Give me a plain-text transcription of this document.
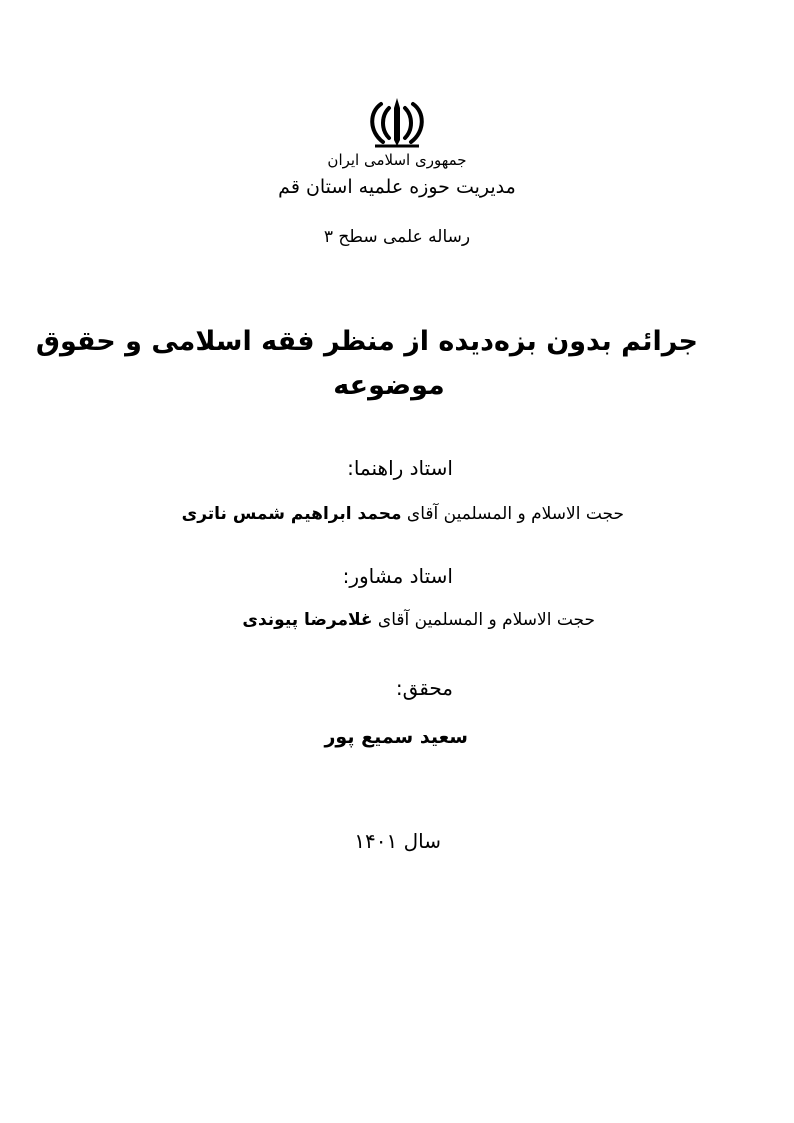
جمهوری اسلامی ایران
مدیریت حوزه علمیه استان قم
رساله علمی سطح ۳
جرائم بدون بزه‌دیده از منظر فقه اسلامی و حقوق
موضوعه
استاد راهنما:
حجت الاسلام و المسلمین آقای محمد ابراهیم شمس ناتری
استاد مشاور:
حجت الاسلام و المسلمین آقای غلامرضا پیوندی
محقق:
سعید سمیع پور
سال ۱۴۰۱
